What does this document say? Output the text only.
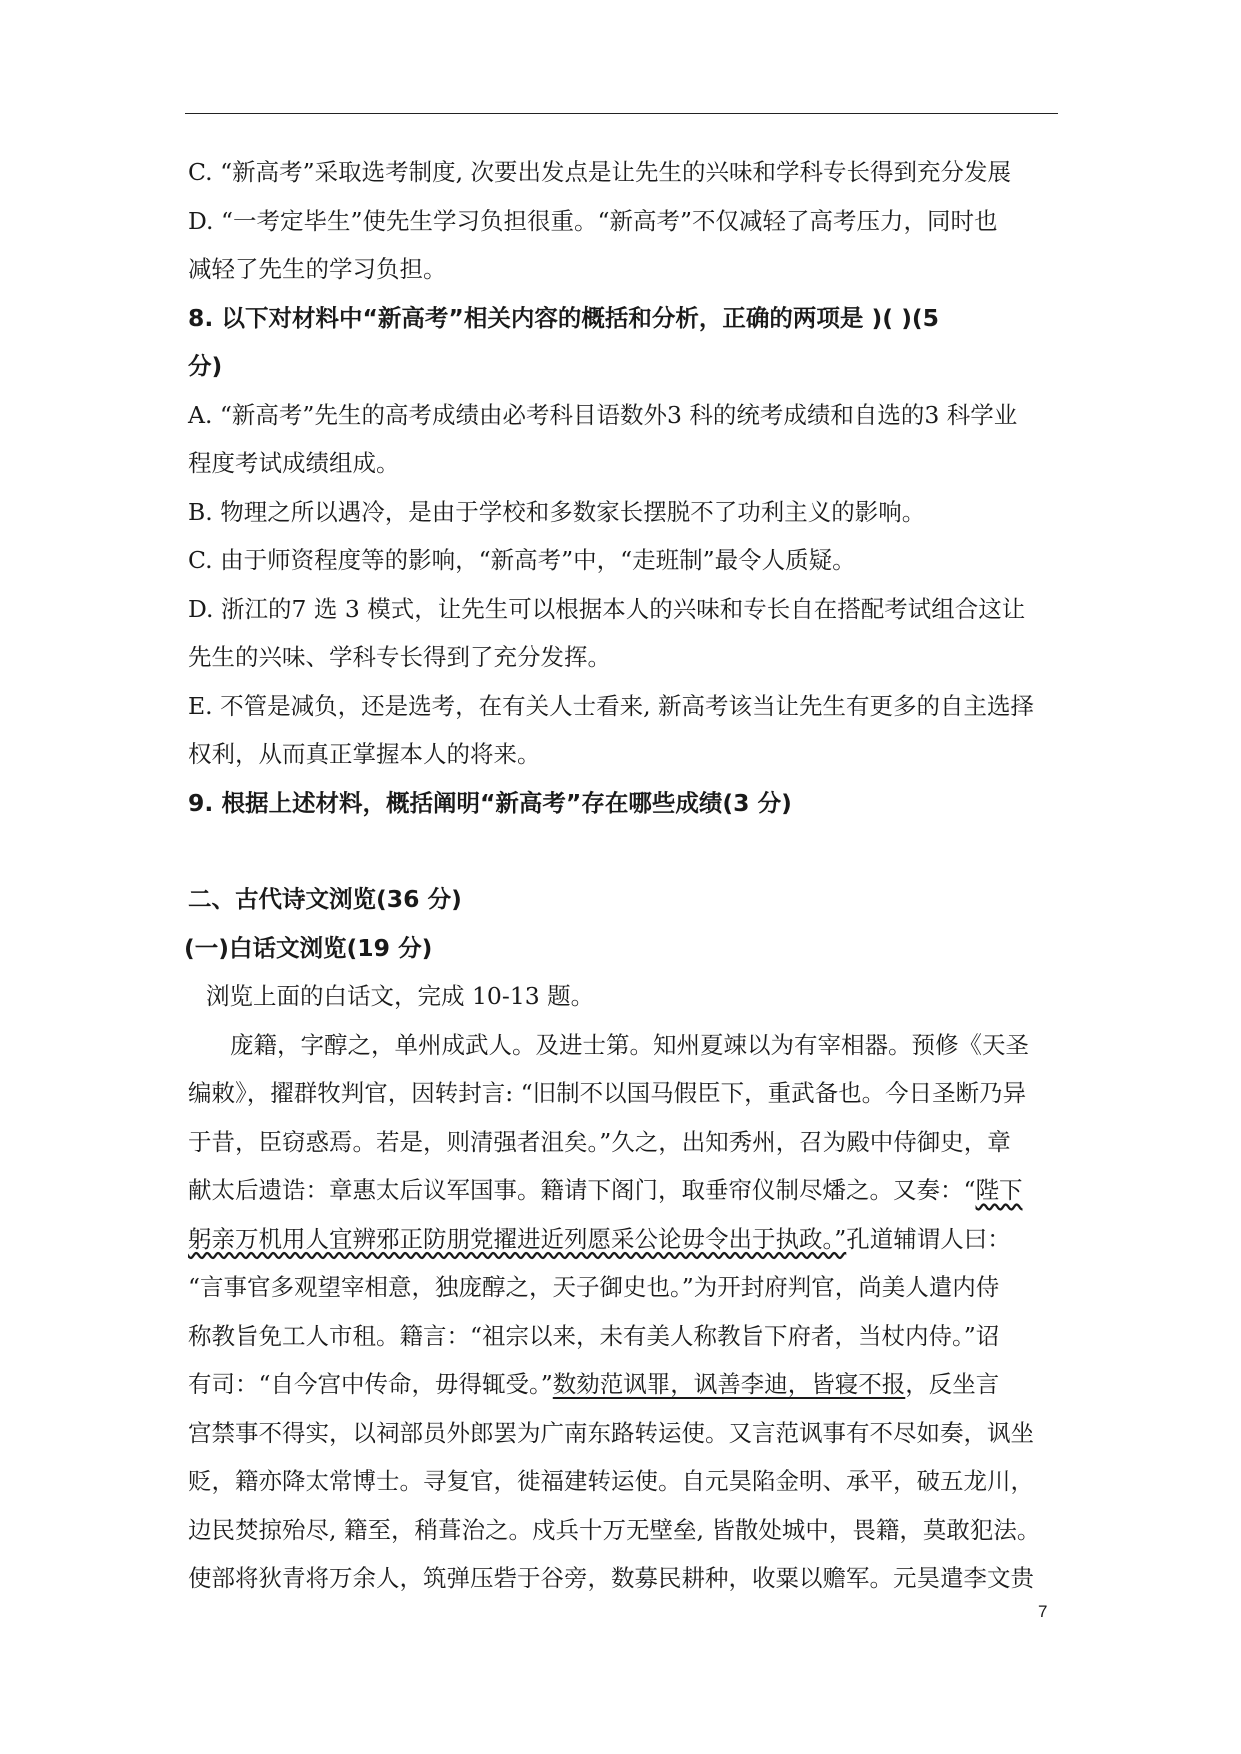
C. “新高考”采取选考制度, 次要出发点是让先生的兴味和学科专长得到充分发展
D. “一考定毕生”使先生学习负担很重。“新高考”不仅减轻了高考压力，同时也
减轻了先生的学习负担。
8. 以下对材料中“新高考”相关内容的概括和分析，正确的两项是 )( )(5
分)
A. “新高考”先生的高考成绩由必考科目语数外3 科的统考成绩和自选的3 科学业
程度考试成绩组成。
B. 物理之所以遇冷，是由于学校和多数家长摆脱不了功利主义的影响。
C. 由于师资程度等的影响，“新高考”中，“走班制”最令人质疑。
D. 浙江的7 选 3 模式，让先生可以根据本人的兴味和专长自在搭配考试组合这让
先生的兴味、学科专长得到了充分发挥。
E. 不管是减负，还是选考，在有关人士看来, 新高考该当让先生有更多的自主选择
权利，从而真正掌握本人的将来。
9. 根据上述材料，概括阐明“新高考”存在哪些成绩(3 分)
二、古代诗文浏览(36 分)
(一)白话文浏览(19 分)
浏览上面的白话文，完成 10-13 题。
庞籍，字醇之，单州成武人。及进士第。知州夏竦以为有宰相器。预修《天圣
编敕》，擢群牧判官，因转封言: “旧制不以国马假臣下，重武备也。今日圣断乃异
于昔，臣窃惑焉。若是，则清强者沮矣。”久之，出知秀州，召为殿中侍御史，章
献太后遗诰：章惠太后议军国事。籍请下阁门，取垂帘仪制尽燔之。又奏：“陛下
躬亲万机用人宜辨邪正防朋党擢进近列愿采公论毋令出于执政。”孔道辅谓人曰：
“言事官多观望宰相意，独庞醇之，天子御史也。”为开封府判官，尚美人遣内侍
称教旨免工人市租。籍言：“祖宗以来，未有美人称教旨下府者，当杖内侍。”诏
有司：“自今宫中传命，毋得辄受。”数劾范讽罪，讽善李迪，皆寝不报，反坐言
宫禁事不得实，以祠部员外郎罢为广南东路转运使。又言范讽事有不尽如奏，讽坐
贬，籍亦降太常博士。寻复官，徙福建转运使。自元昊陷金明、承平，破五龙川，
边民焚掠殆尽, 籍至，稍葺治之。戍兵十万无壁垒, 皆散处城中，畏籍，莫敢犯法。
使部将狄青将万余人，筑弹压砦于谷旁，数募民耕种，收粟以赡军。元昊遣李文贵
7
